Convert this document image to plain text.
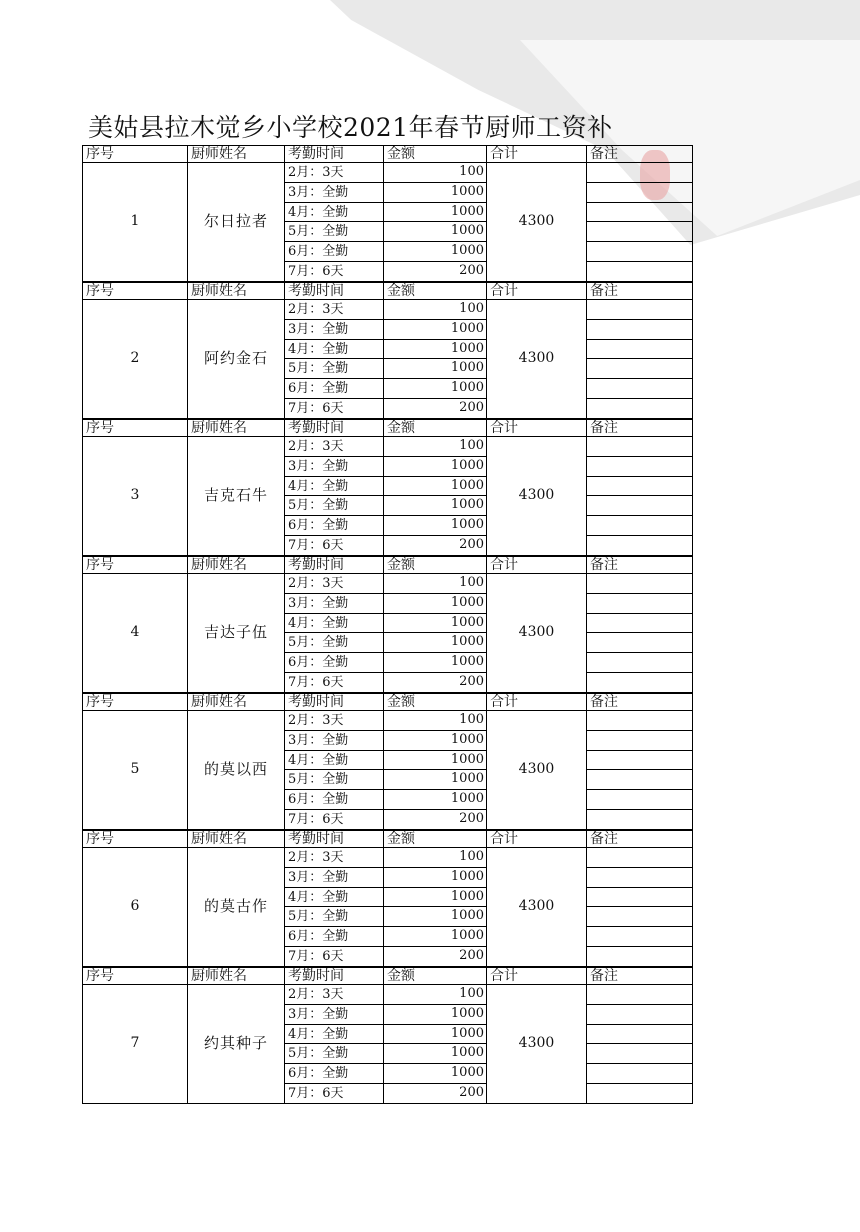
美姑县拉木觉乡小学校2021年春节厨师工资补
序号	厨师姓名	考勤时间	金额	合计	备注
1	尔日拉者
2月：3天	100
3月：全勤	1000
4月：全勤	1000
5月：全勤	1000
6月：全勤	1000
7月：6天	200
4300
序号	厨师姓名	考勤时间	金额	合计	备注
2	阿约金石
2月：3天	100
3月：全勤	1000
4月：全勤	1000
5月：全勤	1000
6月：全勤	1000
7月：6天	200
4300
序号	厨师姓名	考勤时间	金额	合计	备注
3	吉克石牛
2月：3天	100
3月：全勤	1000
4月：全勤	1000
5月：全勤	1000
6月：全勤	1000
7月：6天	200
4300
序号	厨师姓名	考勤时间	金额	合计	备注
4	吉达子伍
2月：3天	100
3月：全勤	1000
4月：全勤	1000
5月：全勤	1000
6月：全勤	1000
7月：6天	200
4300
序号	厨师姓名	考勤时间	金额	合计	备注
5	的莫以西
2月：3天	100
3月：全勤	1000
4月：全勤	1000
5月：全勤	1000
6月：全勤	1000
7月：6天	200
4300
序号	厨师姓名	考勤时间	金额	合计	备注
6	的莫古作
2月：3天	100
3月：全勤	1000
4月：全勤	1000
5月：全勤	1000
6月：全勤	1000
7月：6天	200
4300
序号	厨师姓名	考勤时间	金额	合计	备注
7	约其种子
2月：3天	100
3月：全勤	1000
4月：全勤	1000
5月：全勤	1000
6月：全勤	1000
7月：6天	200
4300
